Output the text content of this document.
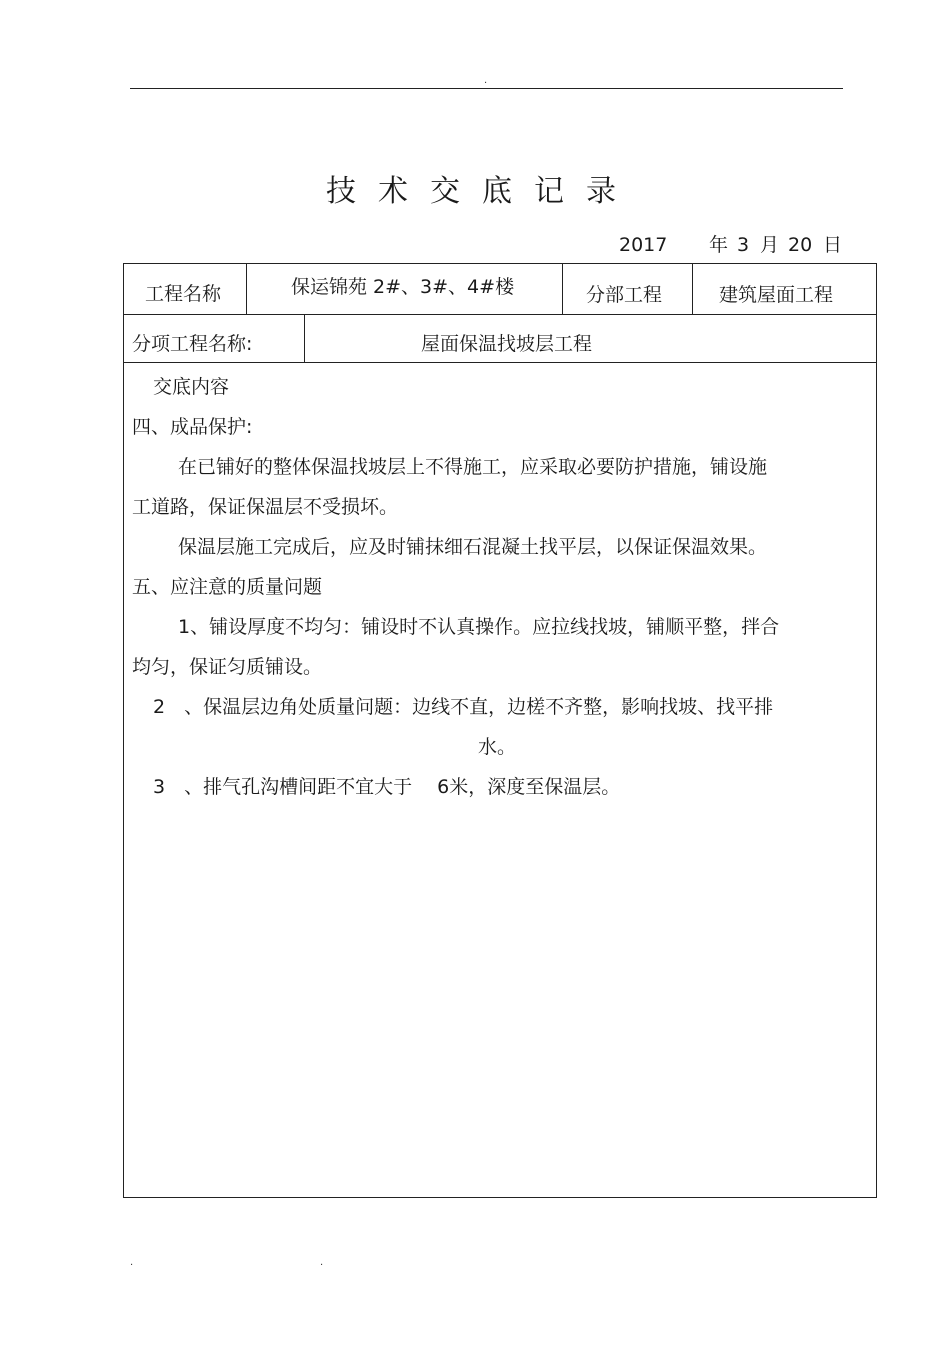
.
技术交底记录
2017 年 3 月 20 日
工程名称	保运锦苑 2#、3#、4#楼	分部工程	建筑屋面工程
分项工程名称:	屋面保温找坡层工程
交底内容
四、成品保护:
在已铺好的整体保温找坡层上不得施工，应采取必要防护措施，铺设施
工道路，保证保温层不受损坏。
保温层施工完成后，应及时铺抹细石混凝土找平层，以保证保温效果。
五、应注意的质量问题
1、铺设厚度不均匀：铺设时不认真操作。应拉线找坡，铺顺平整，拌合
均匀，保证匀质铺设。
2　、保温层边角处质量问题：边线不直，边槎不齐整，影响找坡、找平排
水。
3　、排气孔沟槽间距不宜大于　 6米，深度至保温层。
.	.
